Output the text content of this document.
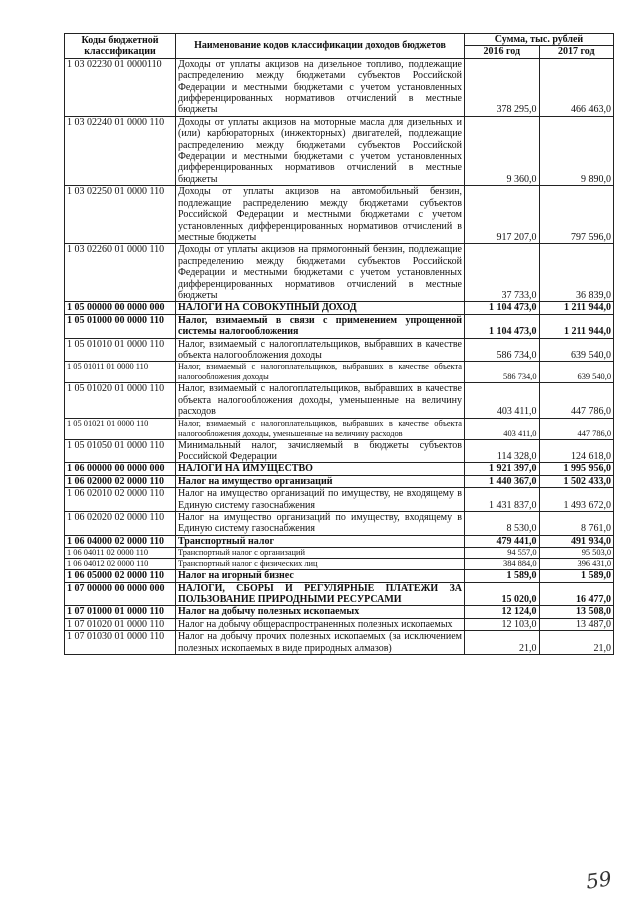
Коды бюджетной классификации	Наименование кодов классификации доходов бюджетов	Сумма, тыс. рублей	
		2016 год	2017 год
1 03 02230 01 0000110	Доходы от уплаты акцизов на дизельное топливо, подлежащие распределению между бюджетами субъектов Российской Федерации и местными бюджетами с учетом установленных дифференцированных нормативов отчислений в местные бюджеты	378 295,0	466 463,0
1 03 02240 01 0000 110	Доходы от уплаты акцизов на моторные масла для дизельных и (или) карбюраторных (инжекторных) двигателей, подлежащие распределению между бюджетами субъектов Российской Федерации и местными бюджетами с учетом установленных дифференцированных нормативов отчислений в местные бюджеты	9 360,0	9 890,0
1 03 02250 01 0000 110	Доходы от уплаты акцизов на автомобильный бензин, подлежащие распределению между бюджетами субъектов Российской Федерации и местными бюджетами с учетом установленных дифференцированных нормативов отчислений в местные бюджеты	917 207,0	797 596,0
1 03 02260 01 0000 110	Доходы от уплаты акцизов на прямогонный бензин, подлежащие распределению между бюджетами субъектов Российской Федерации и местными бюджетами с учетом установленных дифференцированных нормативов отчислений в местные бюджеты	37 733,0	36 839,0
1 05 00000 00 0000 000	НАЛОГИ НА СОВОКУПНЫЙ ДОХОД	1 104 473,0	1 211 944,0
1 05 01000 00 0000 110	Налог, взимаемый в связи с применением упрощенной системы налогообложения	1 104 473,0	1 211 944,0
1 05 01010 01 0000 110	Налог, взимаемый с налогоплательщиков, выбравших в качестве объекта налогообложения доходы	586 734,0	639 540,0
1 05 01011 01 0000 110	Налог, взимаемый с налогоплательщиков, выбравших в качестве объекта налогообложения доходы	586 734,0	639 540,0
1 05 01020 01 0000 110	Налог, взимаемый с налогоплательщиков, выбравших в качестве объекта налогообложения доходы, уменьшенные на величину расходов	403 411,0	447 786,0
1 05 01021 01 0000 110	Налог, взимаемый с налогоплательщиков, выбравших в качестве объекта налогообложения доходы, уменьшенные на величину расходов	403 411,0	447 786,0
1 05 01050 01 0000 110	Минимальный налог, зачисляемый в бюджеты субъектов Российской Федерации	114 328,0	124 618,0
1 06 00000 00 0000 000	НАЛОГИ НА ИМУЩЕСТВО	1 921 397,0	1 995 956,0
1 06 02000 02 0000 110	Налог на имущество организаций	1 440 367,0	1 502 433,0
1 06 02010 02 0000 110	Налог на имущество организаций по имуществу, не входящему в Единую систему газоснабжения	1 431 837,0	1 493 672,0
1 06 02020 02 0000 110	Налог на имущество организаций по имуществу, входящему в Единую систему газоснабжения	8 530,0	8 761,0
1 06 04000 02 0000 110	Транспортный налог	479 441,0	491 934,0
1 06 04011 02 0000 110	Транспортный налог с организаций	94 557,0	95 503,0
1 06 04012 02 0000 110	Транспортный налог с физических лиц	384 884,0	396 431,0
1 06 05000 02 0000 110	Налог на игорный бизнес	1 589,0	1 589,0
1 07 00000 00 0000 000	НАЛОГИ, СБОРЫ И РЕГУЛЯРНЫЕ ПЛАТЕЖИ ЗА ПОЛЬЗОВАНИЕ ПРИРОДНЫМИ РЕСУРСАМИ	15 020,0	16 477,0
1 07 01000 01 0000 110	Налог на добычу полезных ископаемых	12 124,0	13 508,0
1 07 01020 01 0000 110	Налог на добычу общераспространенных полезных ископаемых	12 103,0	13 487,0
1 07 01030 01 0000 110	Налог на добычу прочих полезных ископаемых (за исключением полезных ископаемых в виде природных алмазов)	21,0	21,0
59
